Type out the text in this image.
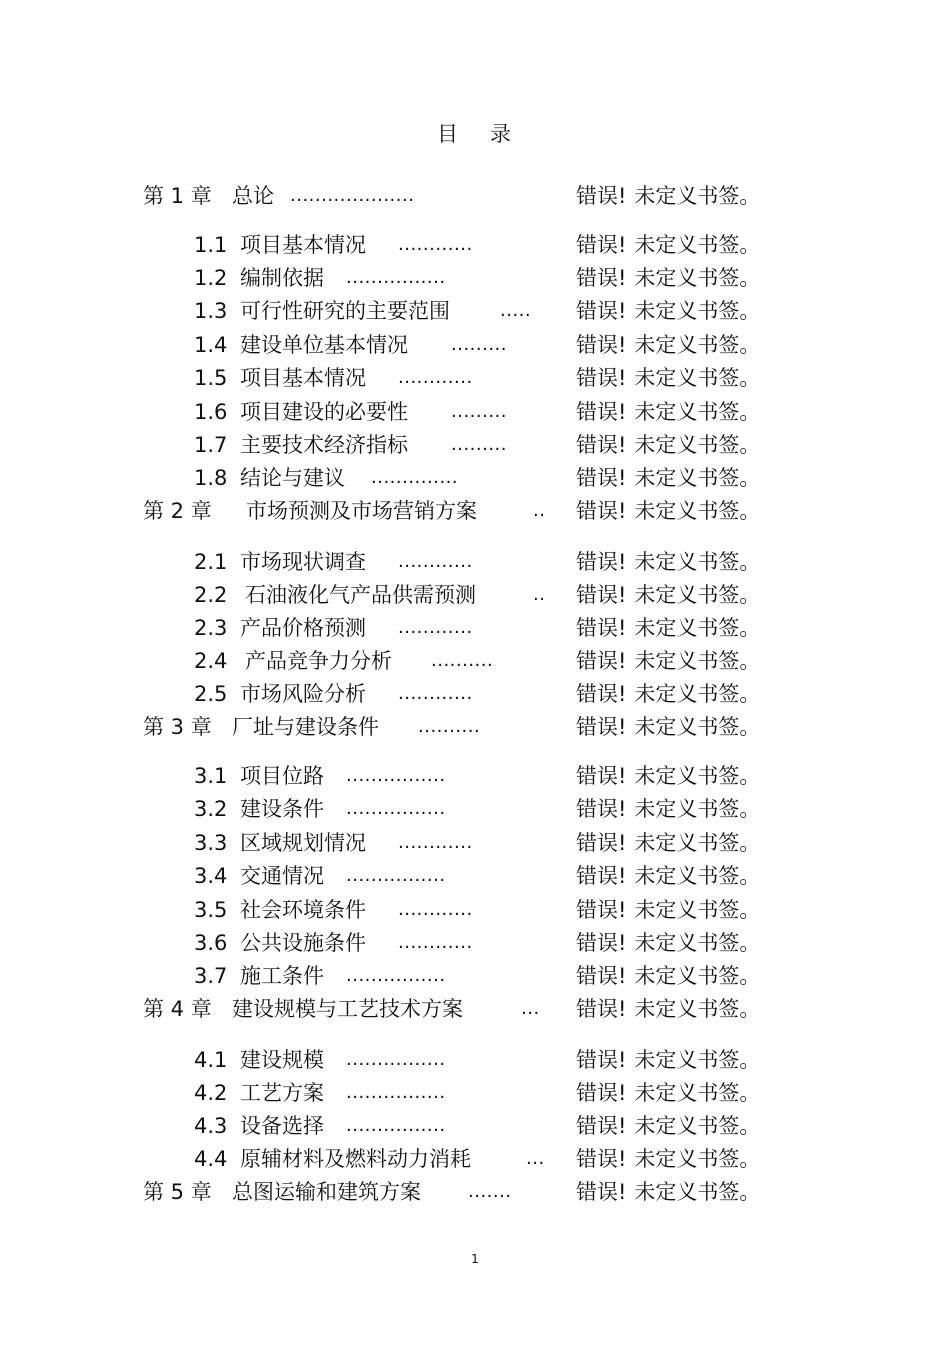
目 录
第 1 章 总论 ....................	错误! 未定义书签。
1.1 项目基本情况 ............	错误! 未定义书签。
1.2 编制依据 ................	错误! 未定义书签。
1.3 可行性研究的主要范围	..... 错误! 未定义书签。
1.4 建设单位基本情况 .........	错误! 未定义书签。
1.5 项目基本情况 ............	错误! 未定义书签。
1.6 项目建设的必要性 .........	错误! 未定义书签。
1.7 主要技术经济指标 .........	错误! 未定义书签。
1.8 结论与建议 ..............	错误! 未定义书签。
第 2 章 市场预测及市场营销方案	.. 错误! 未定义书签。
2.1 市场现状调查 ............	错误! 未定义书签。
2.2 石油液化气产品供需预测	.. 错误! 未定义书签。
2.3 产品价格预测 ............	错误! 未定义书签。
2.4 产品竞争力分析 ..........	错误! 未定义书签。
2.5 市场风险分析 ............	错误! 未定义书签。
第 3 章 厂址与建设条件 ..........	错误! 未定义书签。
3.1 项目位路 ................	错误! 未定义书签。
3.2 建设条件 ................	错误! 未定义书签。
3.3 区域规划情况 ............	错误! 未定义书签。
3.4 交通情况 ................	错误! 未定义书签。
3.5 社会环境条件 ............	错误! 未定义书签。
3.6 公共设施条件 ............	错误! 未定义书签。
3.7 施工条件 ................	错误! 未定义书签。
第 4 章 建设规模与工艺技术方案	... 错误! 未定义书签。
4.1 建设规模 ................	错误! 未定义书签。
4.2 工艺方案 ................	错误! 未定义书签。
4.3 设备选择 ................	错误! 未定义书签。
4.4 原辅材料及燃料动力消耗	... 错误! 未定义书签。
第 5 章 总图运输和建筑方案	.......	错误! 未定义书签。
1
